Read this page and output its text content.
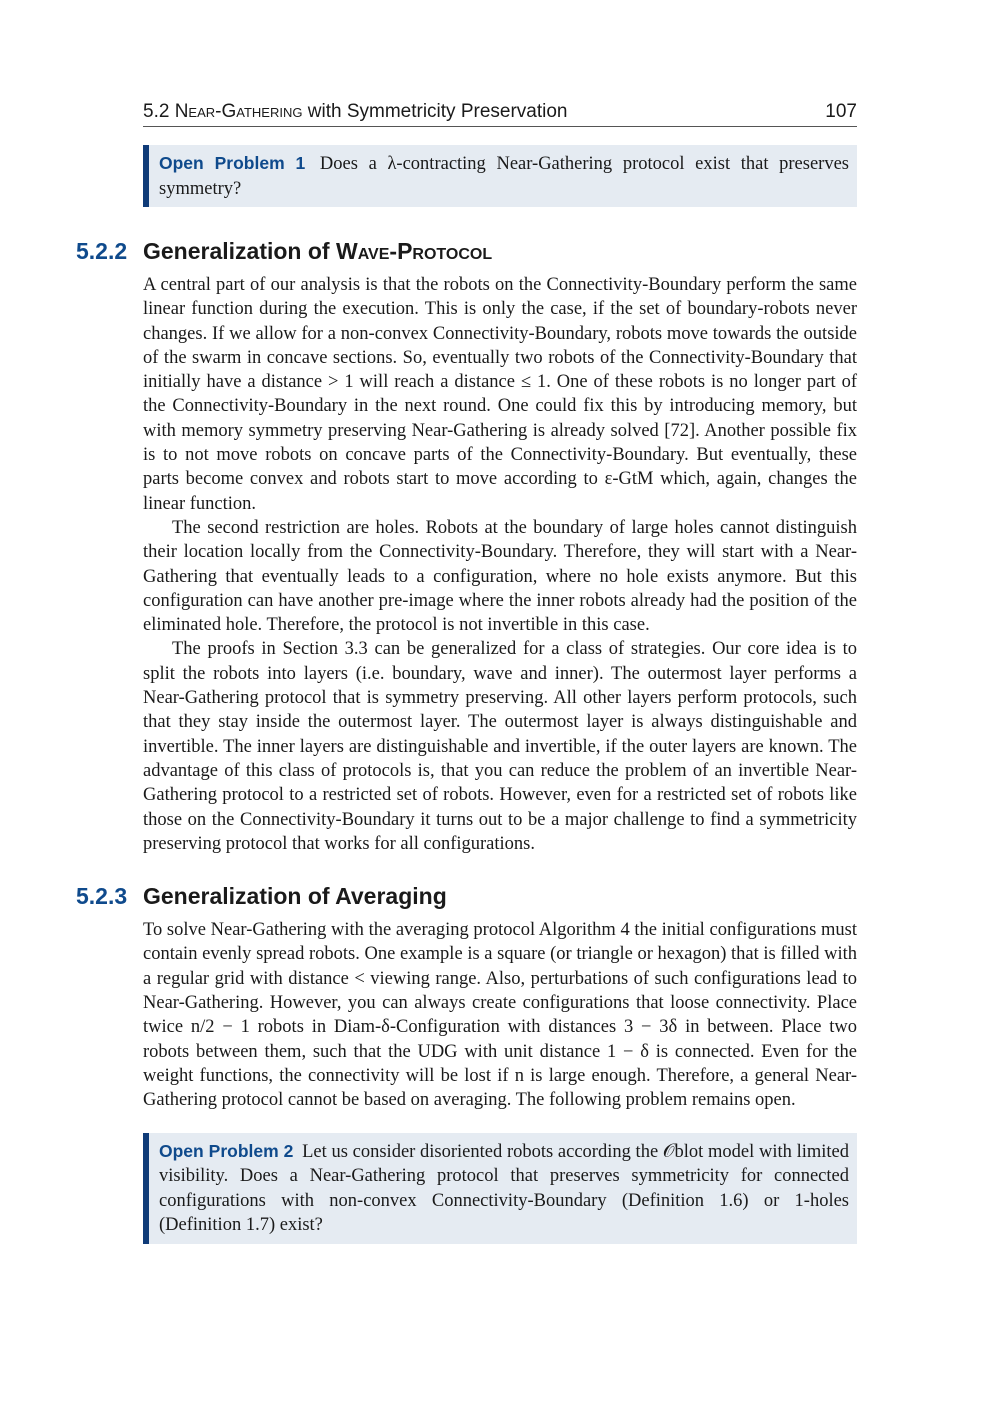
5.2 Near-Gathering with Symmetricity Preservation	107
Open Problem 1 Does a λ-contracting Near-Gathering protocol exist that preserves symmetry?
5.2.2 Generalization of Wave-Protocol

A central part of our analysis is that the robots on the Connectivity-Boundary perform the same linear function during the execution. This is only the case, if the set of boundary-robots never changes. If we allow for a non-convex Connectivity-Boundary, robots move towards the outside of the swarm in concave sections. So, eventually two robots of the Connectivity-Boundary that initially have a distance > 1 will reach a distance ≤ 1. One of these robots is no longer part of the Connectivity-Boundary in the next round. One could fix this by introducing memory, but with memory symmetry preserving Near-Gathering is already solved [72]. Another possible fix is to not move robots on concave parts of the Connectivity-Boundary. But eventually, these parts become convex and robots start to move according to ε-GtM which, again, changes the linear function.

The second restriction are holes. Robots at the boundary of large holes cannot distinguish their location locally from the Connectivity-Boundary. Therefore, they will start with a Near-Gathering that eventually leads to a configuration, where no hole exists anymore. But this configuration can have another pre-image where the inner robots already had the position of the eliminated hole. Therefore, the protocol is not invertible in this case.

The proofs in Section 3.3 can be generalized for a class of strategies. Our core idea is to split the robots into layers (i.e. boundary, wave and inner). The outermost layer performs a Near-Gathering protocol that is symmetry preserving. All other layers perform protocols, such that they stay inside the outermost layer. The outermost layer is always distinguishable and invertible. The inner layers are distinguishable and invertible, if the outer layers are known. The advantage of this class of protocols is, that you can reduce the problem of an invertible Near-Gathering protocol to a restricted set of robots. However, even for a restricted set of robots like those on the Connectivity-Boundary it turns out to be a major challenge to find a symmetricity preserving protocol that works for all configurations.

5.2.3 Generalization of Averaging

To solve Near-Gathering with the averaging protocol Algorithm 4 the initial configurations must contain evenly spread robots. One example is a square (or triangle or hexagon) that is filled with a regular grid with distance < viewing range. Also, perturbations of such configurations lead to Near-Gathering. However, you can always create configurations that loose connectivity. Place twice n/2 − 1 robots in Diam-δ-Configuration with distances 3 − 3δ in between. Place two robots between them, such that the UDG with unit distance 1 − δ is connected. Even for the weight functions, the connectivity will be lost if n is large enough. Therefore, a general Near-Gathering protocol cannot be based on averaging. The following problem remains open.

Open Problem 2 Let us consider disoriented robots according the 𝒪blot model with limited visibility. Does a Near-Gathering protocol that preserves symmetricity for connected configurations with non-convex Connectivity-Boundary (Definition 1.6) or 1-holes (Definition 1.7) exist?
